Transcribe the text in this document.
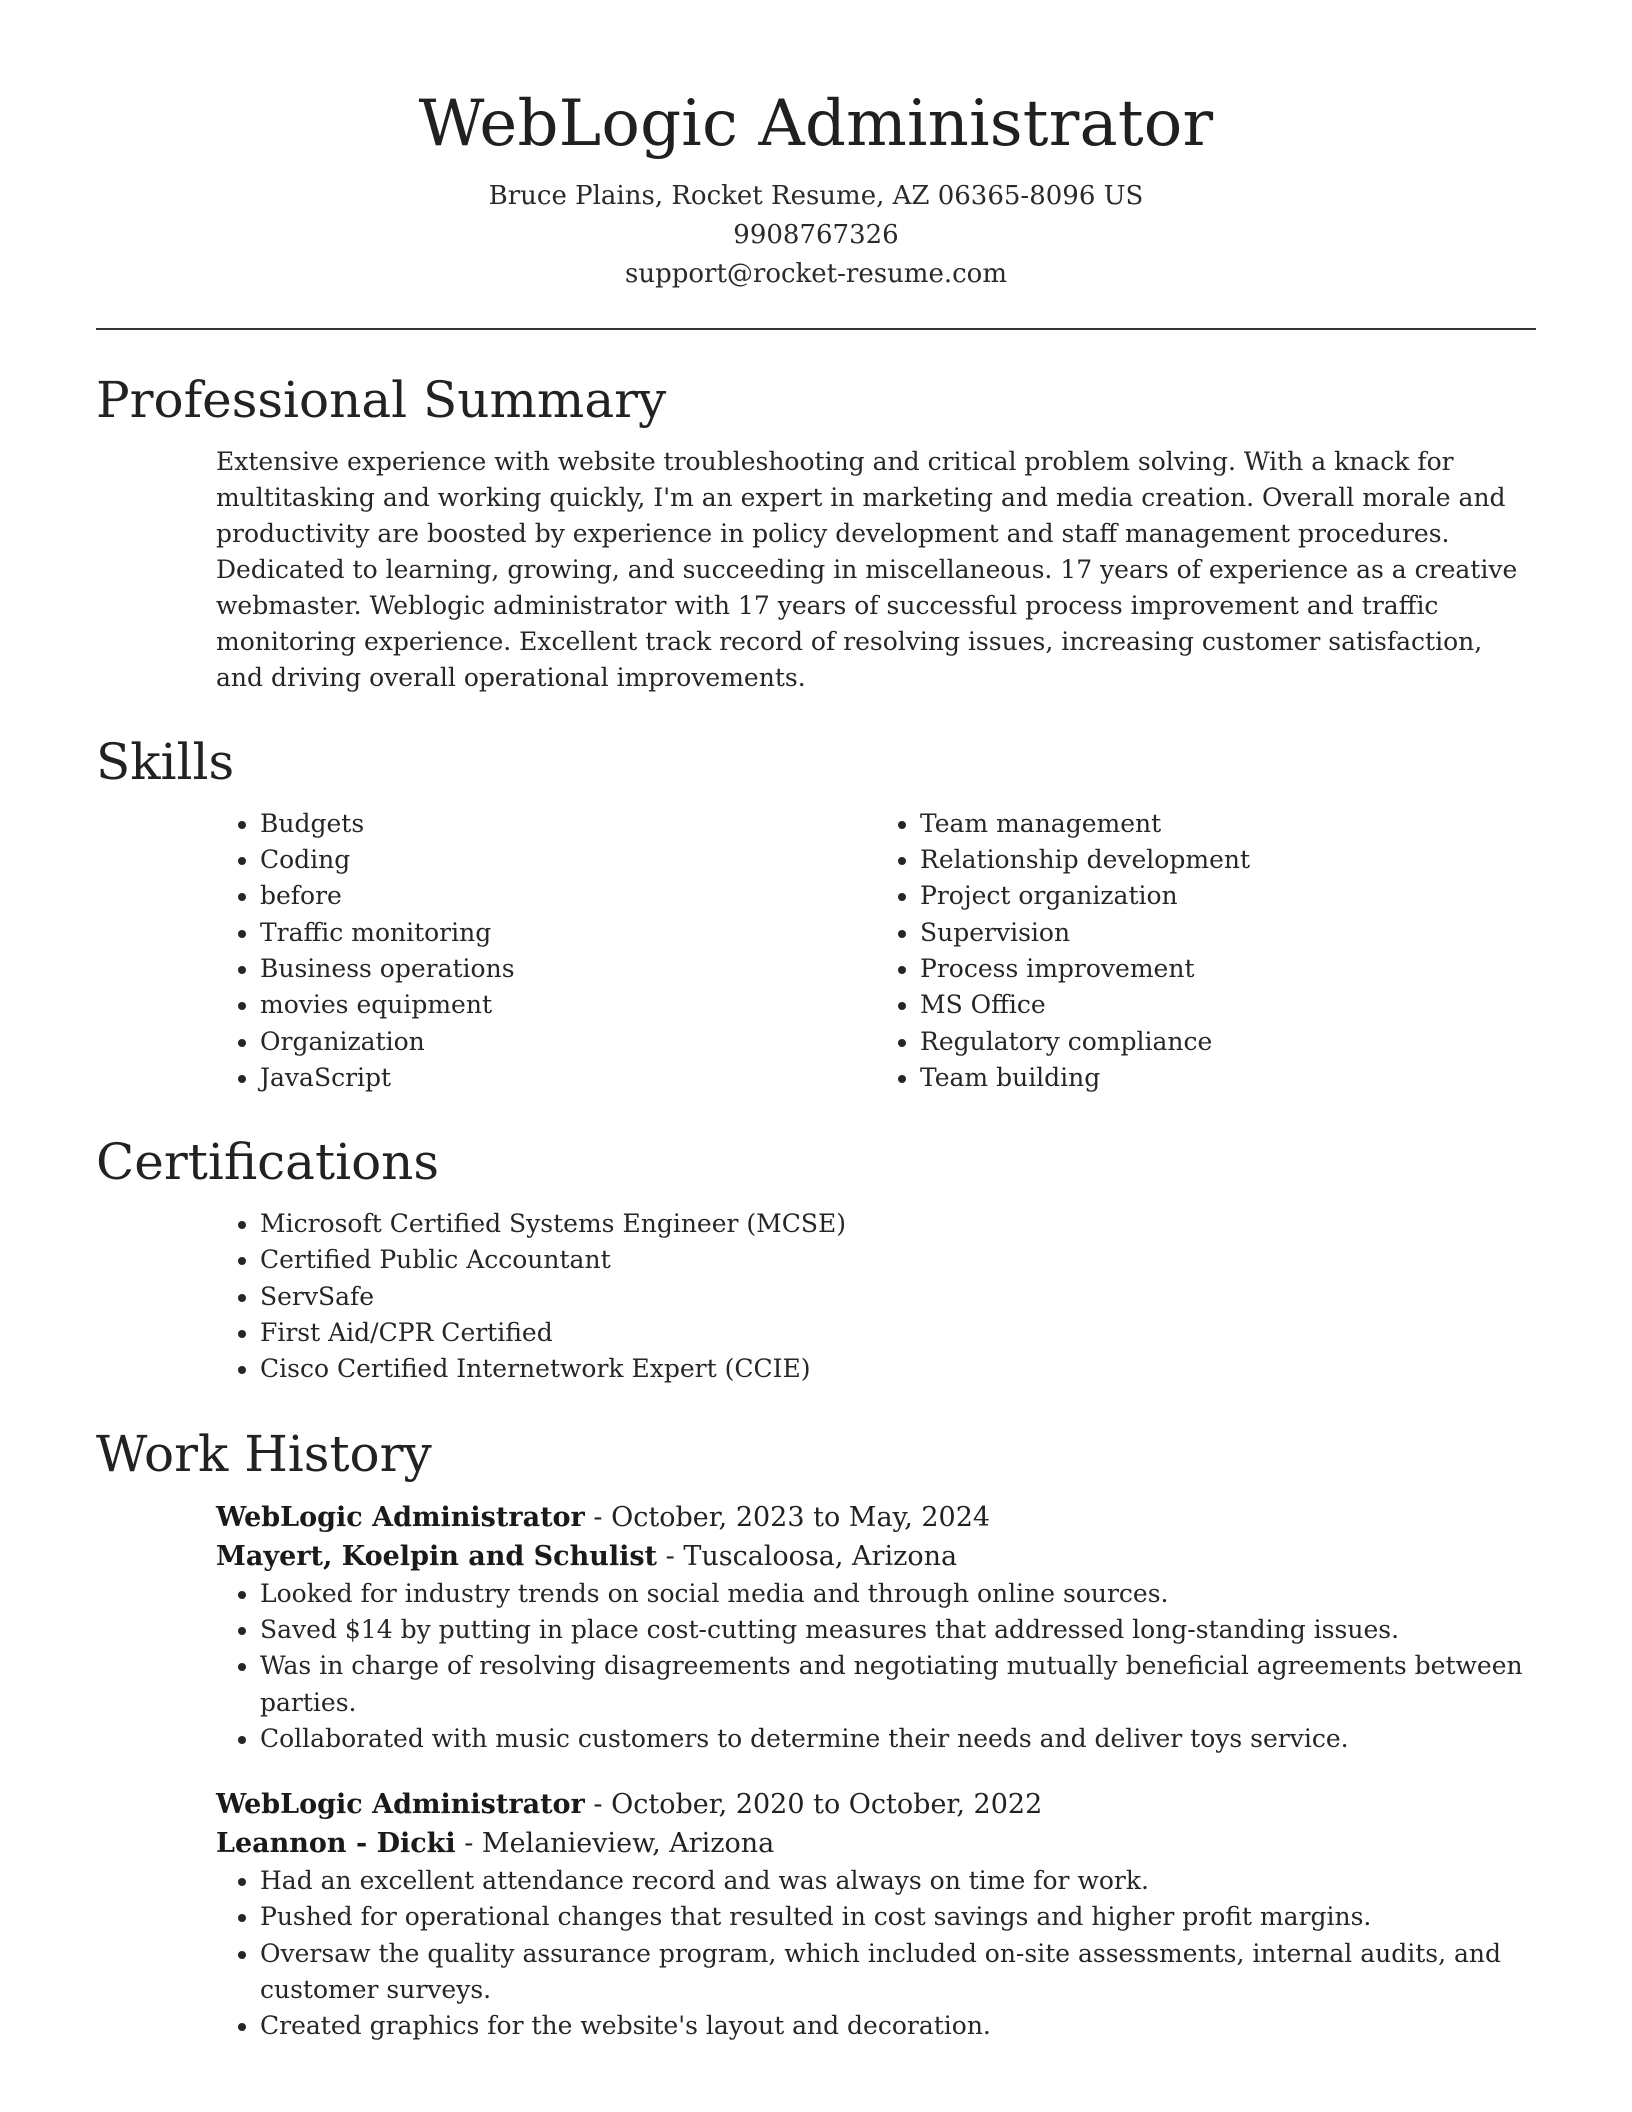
WebLogic Administrator
Bruce Plains, Rocket Resume, AZ 06365-8096 US
9908767326
support@rocket-resume.com
Professional Summary

Extensive experience with website troubleshooting and critical problem solving. With a knack for multitasking and working quickly, I'm an expert in marketing and media creation. Overall morale and productivity are boosted by experience in policy development and staff management procedures. Dedicated to learning, growing, and succeeding in miscellaneous. 17 years of experience as a creative webmaster. Weblogic administrator with 17 years of successful process improvement and traffic monitoring experience. Excellent track record of resolving issues, increasing customer satisfaction, and driving overall operational improvements.

Skills
• Budgets
• Coding
• before
• Traffic monitoring
• Business operations
• movies equipment
• Organization
• JavaScript
• Team management
• Relationship development
• Project organization
• Supervision
• Process improvement
• MS Office
• Regulatory compliance
• Team building
Certifications
• Microsoft Certified Systems Engineer (MCSE)
• Certified Public Accountant
• ServSafe
• First Aid/CPR Certified
• Cisco Certified Internetwork Expert (CCIE)
Work History
WebLogic Administrator - October, 2023 to May, 2024
Mayert, Koelpin and Schulist - Tuscaloosa, Arizona
• Looked for industry trends on social media and through online sources.
• Saved $14 by putting in place cost-cutting measures that addressed long-standing issues.
• Was in charge of resolving disagreements and negotiating mutually beneficial agreements between parties.
• Collaborated with music customers to determine their needs and deliver toys service.
WebLogic Administrator - October, 2020 to October, 2022
Leannon - Dicki - Melanieview, Arizona
• Had an excellent attendance record and was always on time for work.
• Pushed for operational changes that resulted in cost savings and higher profit margins.
• Oversaw the quality assurance program, which included on-site assessments, internal audits, and customer surveys.
• Created graphics for the website's layout and decoration.
